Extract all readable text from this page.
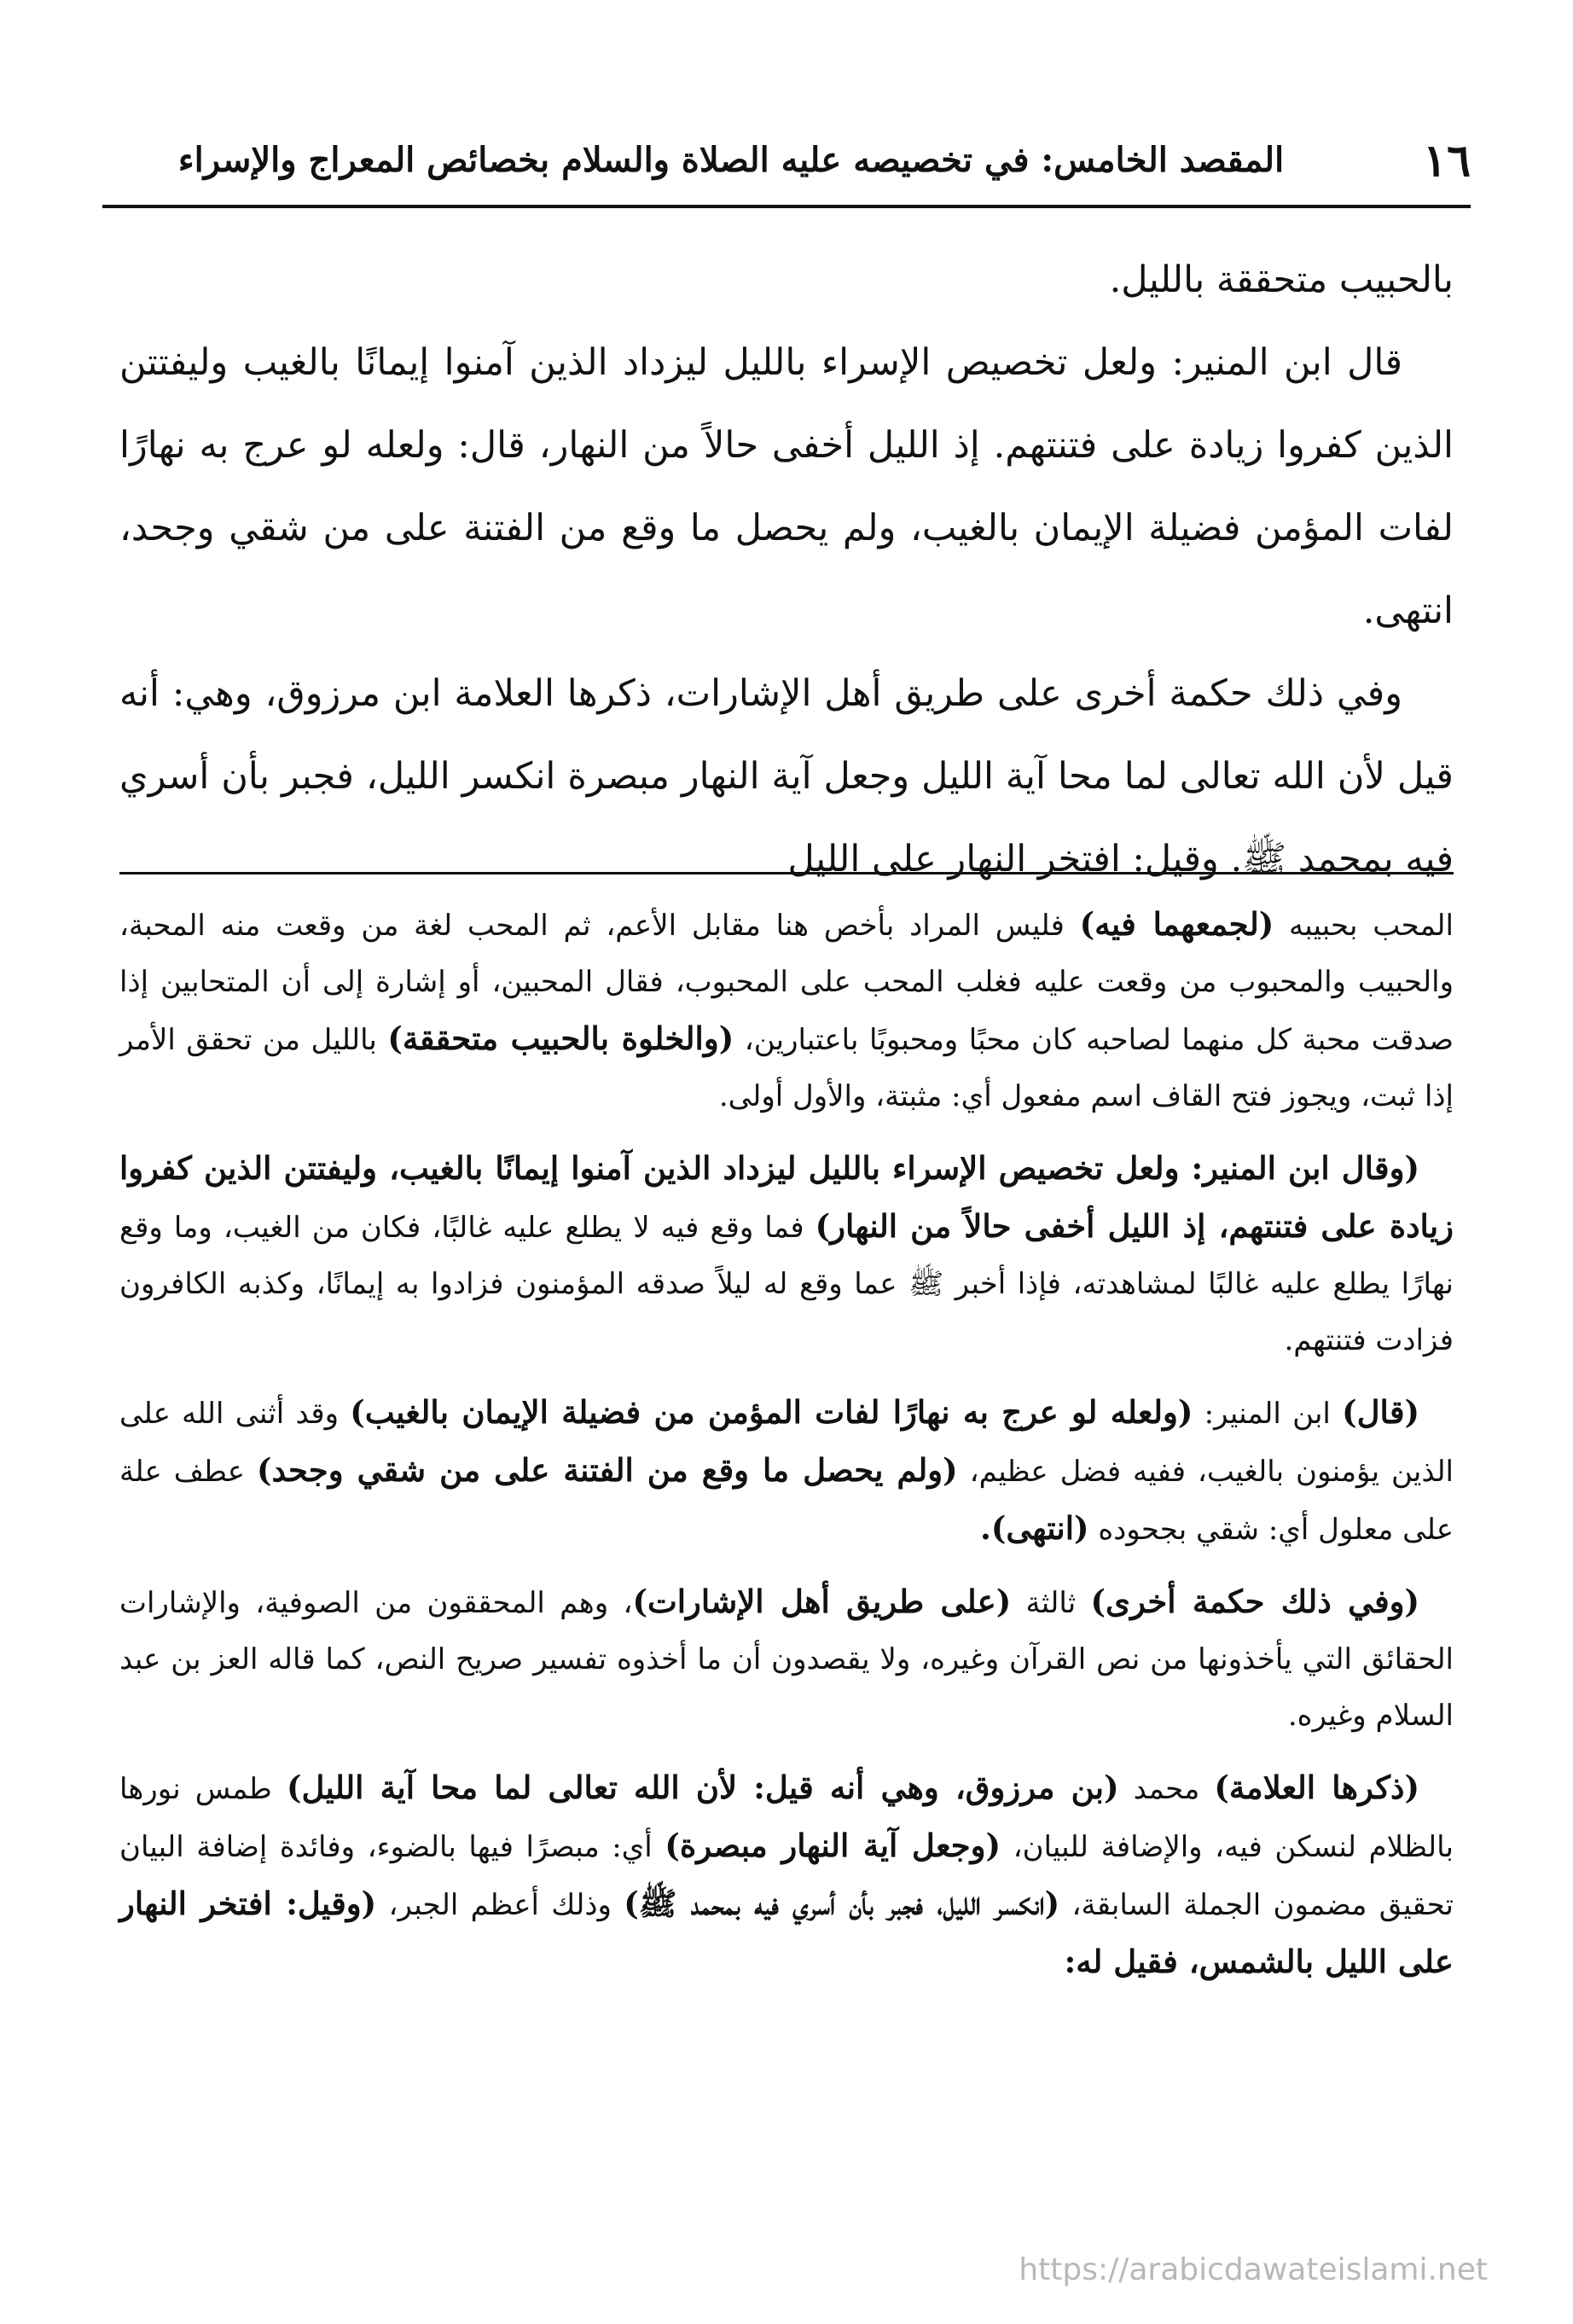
١٦
المقصد الخامس: في تخصيصه عليه الصلاة والسلام بخصائص المعراج والإسراء

بالحبيب متحققة بالليل.

قال ابن المنير: ولعل تخصيص الإسراء بالليل ليزداد الذين آمنوا إيمانًا بالغيب وليفتتن الذين كفروا زيادة على فتنتهم. إذ الليل أخفى حالاً من النهار، قال: ولعله لو عرج به نهارًا لفات المؤمن فضيلة الإيمان بالغيب، ولم يحصل ما وقع من الفتنة على من شقي وجحد، انتهى.

وفي ذلك حكمة أخرى على طريق أهل الإشارات، ذكرها العلامة ابن مرزوق، وهي: أنه قيل لأن الله تعالى لما محا آية الليل وجعل آية النهار مبصرة انكسر الليل، فجبر بأن أسري فيه بمحمد ﷺ. وقيل: افتخر النهار على الليل

المحب بحبيبه (لجمعهما فيه) فليس المراد بأخص هنا مقابل الأعم، ثم المحب لغة من وقعت منه المحبة، والحبيب والمحبوب من وقعت عليه فغلب المحب على المحبوب، فقال المحبين، أو إشارة إلى أن المتحابين إذا صدقت محبة كل منهما لصاحبه كان محبًا ومحبوبًا باعتبارين، (والخلوة بالحبيب متحققة) بالليل من تحقق الأمر إذا ثبت، ويجوز فتح القاف اسم مفعول أي: مثبتة، والأول أولى.

(وقال ابن المنير: ولعل تخصيص الإسراء بالليل ليزداد الذين آمنوا إيمانًا بالغيب، وليفتتن الذين كفروا زيادة على فتنتهم، إذ الليل أخفى حالاً من النهار) فما وقع فيه لا يطلع عليه غالبًا، فكان من الغيب، وما وقع نهارًا يطلع عليه غالبًا لمشاهدته، فإذا أخبر ﷺ عما وقع له ليلاً صدقه المؤمنون فزادوا به إيمانًا، وكذبه الكافرون فزادت فتنتهم.

(قال) ابن المنير: (ولعله لو عرج به نهارًا لفات المؤمن من فضيلة الإيمان بالغيب) وقد أثنى الله على الذين يؤمنون بالغيب، ففيه فضل عظيم، (ولم يحصل ما وقع من الفتنة على من شقي وجحد) عطف علة على معلول أي: شقي بجحوده (انتهى).

(وفي ذلك حكمة أخرى) ثالثة (على طريق أهل الإشارات)، وهم المحققون من الصوفية، والإشارات الحقائق التي يأخذونها من نص القرآن وغيره، ولا يقصدون أن ما أخذوه تفسير صريح النص، كما قاله العز بن عبد السلام وغيره.

(ذكرها العلامة) محمد (بن مرزوق، وهي أنه قيل: لأن الله تعالى لما محا آية الليل) طمس نورها بالظلام لنسكن فيه، والإضافة للبيان، (وجعل آية النهار مبصرة) أي: مبصرًا فيها بالضوء، وفائدة إضافة البيان تحقيق مضمون الجملة السابقة، (انكسر الليل، فجبر بأن أسري فيه بمحمد ﷺ) وذلك أعظم الجبر، (وقيل: افتخر النهار على الليل بالشمس، فقيل له:

https://arabicdawateislami.net
